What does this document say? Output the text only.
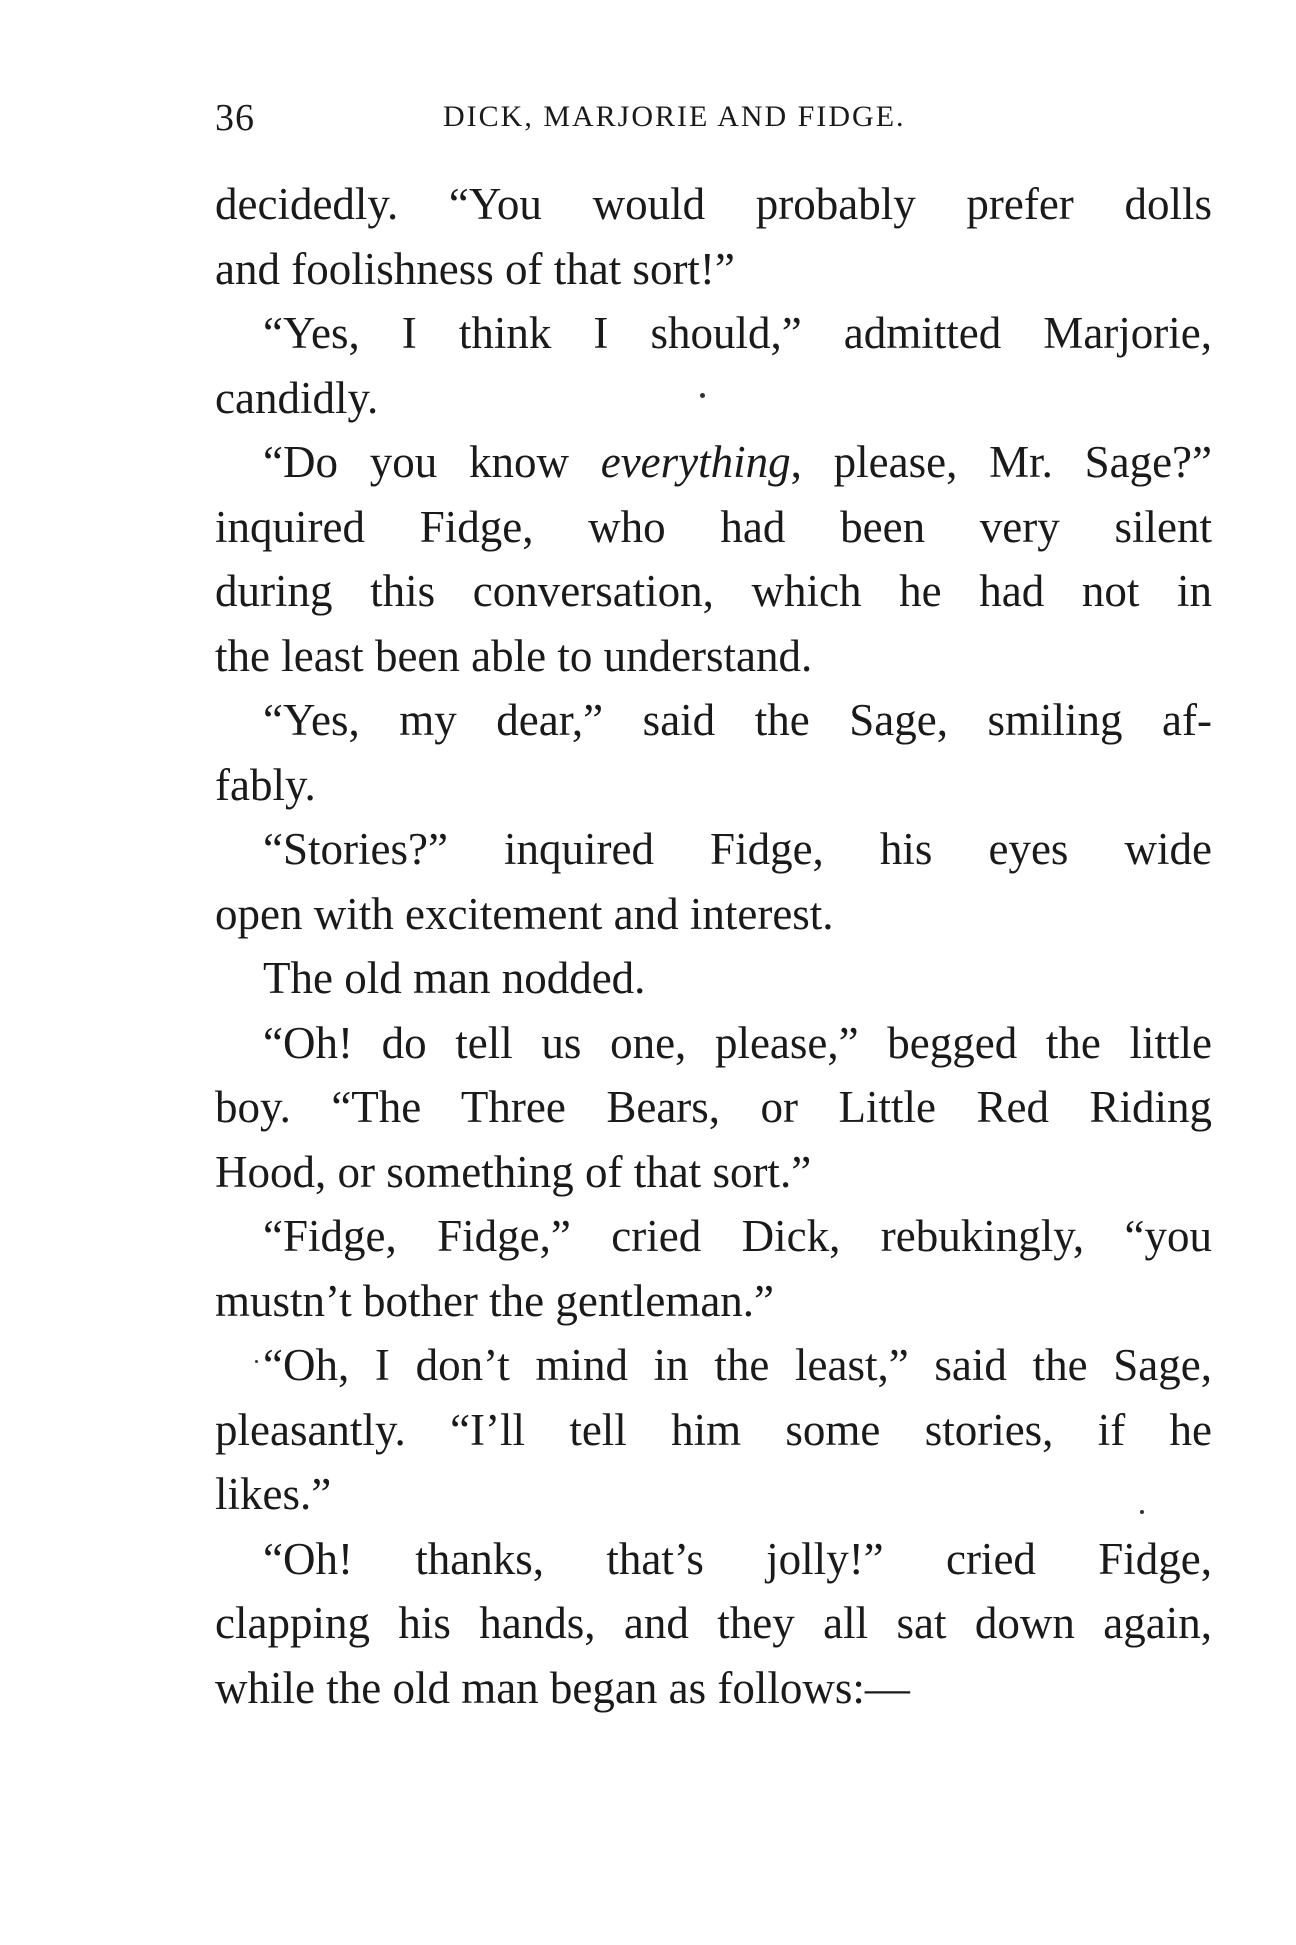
36	DICK, MARJORIE AND FIDGE.
decidedly. “You would probably prefer dolls
and foolishness of that sort!”
“Yes, I think I should,” admitted Marjorie,
candidly.
“Do you know everything, please, Mr. Sage?”
inquired Fidge, who had been very silent
during this conversation, which he had not in
the least been able to understand.
“Yes, my dear,” said the Sage, smiling af-
fably.
“Stories?” inquired Fidge, his eyes wide
open with excitement and interest.
The old man nodded.
“Oh! do tell us one, please,” begged the little
boy. “The Three Bears, or Little Red Riding
Hood, or something of that sort.”
“Fidge, Fidge,” cried Dick, rebukingly, “you
mustn’t bother the gentleman.”
“Oh, I don’t mind in the least,” said the Sage,
pleasantly. “I’ll tell him some stories, if he
likes.”
“Oh! thanks, that’s jolly!” cried Fidge,
clapping his hands, and they all sat down again,
while the old man began as follows:—
